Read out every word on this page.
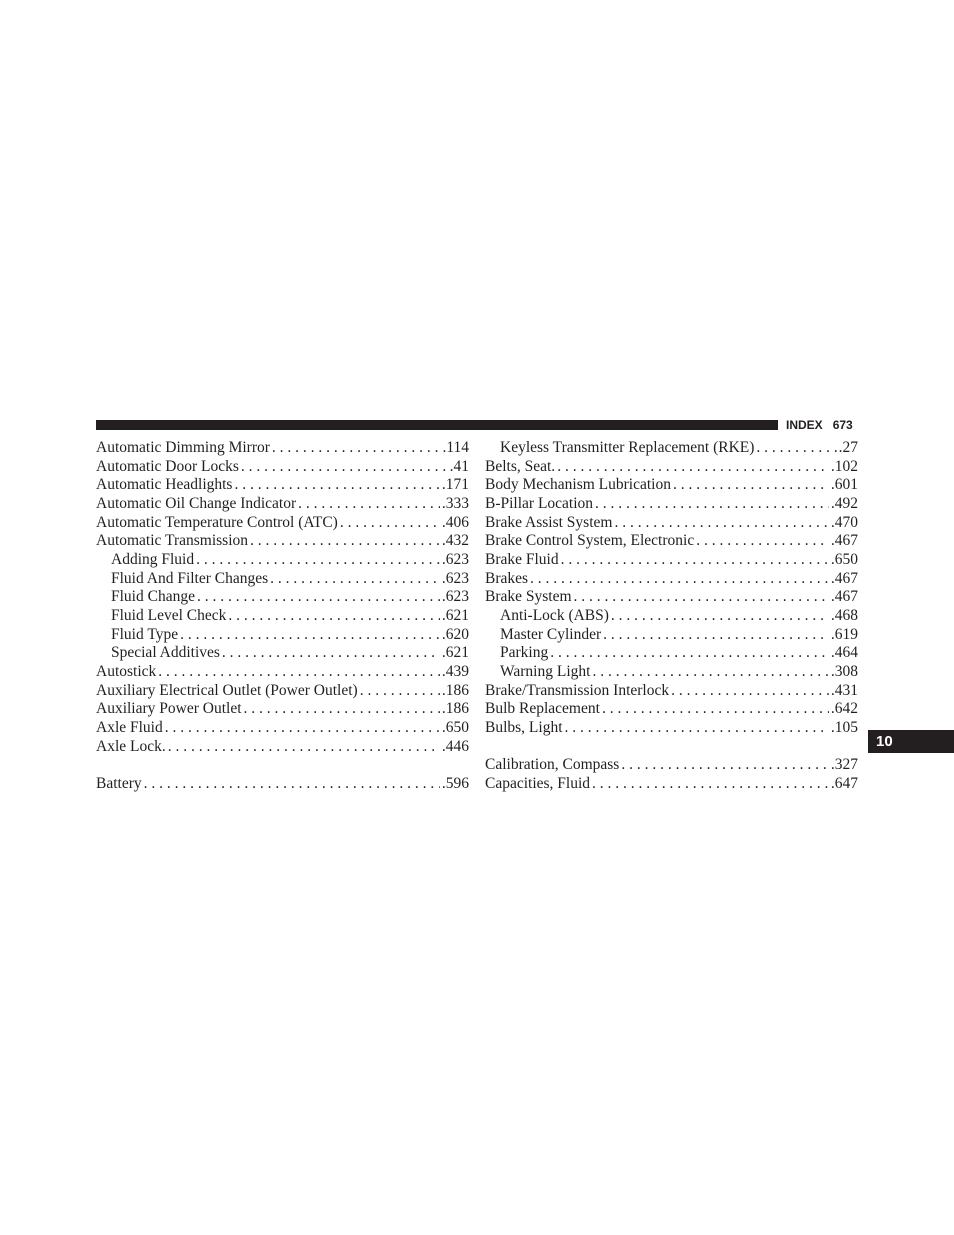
INDEX 673
10
Automatic Dimming Mirror . . .	.114
Automatic Door Locks . . .	.41
Automatic Headlights . . .	.171
Automatic Oil Change Indicator . . .	.333
Automatic Temperature Control (ATC) . . .	.406
Automatic Transmission . . .	.432
Adding Fluid . . .	.623
Fluid And Filter Changes . . .	.623
Fluid Change . . .	.623
Fluid Level Check . . .	.621
Fluid Type . . .	.620
Special Additives . . .	.621
Autostick . . .	.439
Auxiliary Electrical Outlet (Power Outlet) . . .	.186
Auxiliary Power Outlet . . .	.186
Axle Fluid . . .	.650
Axle Lock. . . .	.446
Battery . . .	.596
Keyless Transmitter Replacement (RKE) . . .	.27
Belts, Seat. . . .	.102
Body Mechanism Lubrication . . .	.601
B-Pillar Location . . .	.492
Brake Assist System . . .	.470
Brake Control System, Electronic . . .	.467
Brake Fluid . . .	.650
Brakes . . .	.467
Brake System . . .	.467
Anti-Lock (ABS) . . .	.468
Master Cylinder . . .	.619
Parking . . .	.464
Warning Light . . .	.308
Brake/Transmission Interlock . . .	.431
Bulb Replacement . . .	.642
Bulbs, Light . . .	.105
Calibration, Compass . . .	.327
Capacities, Fluid . . .	.647
